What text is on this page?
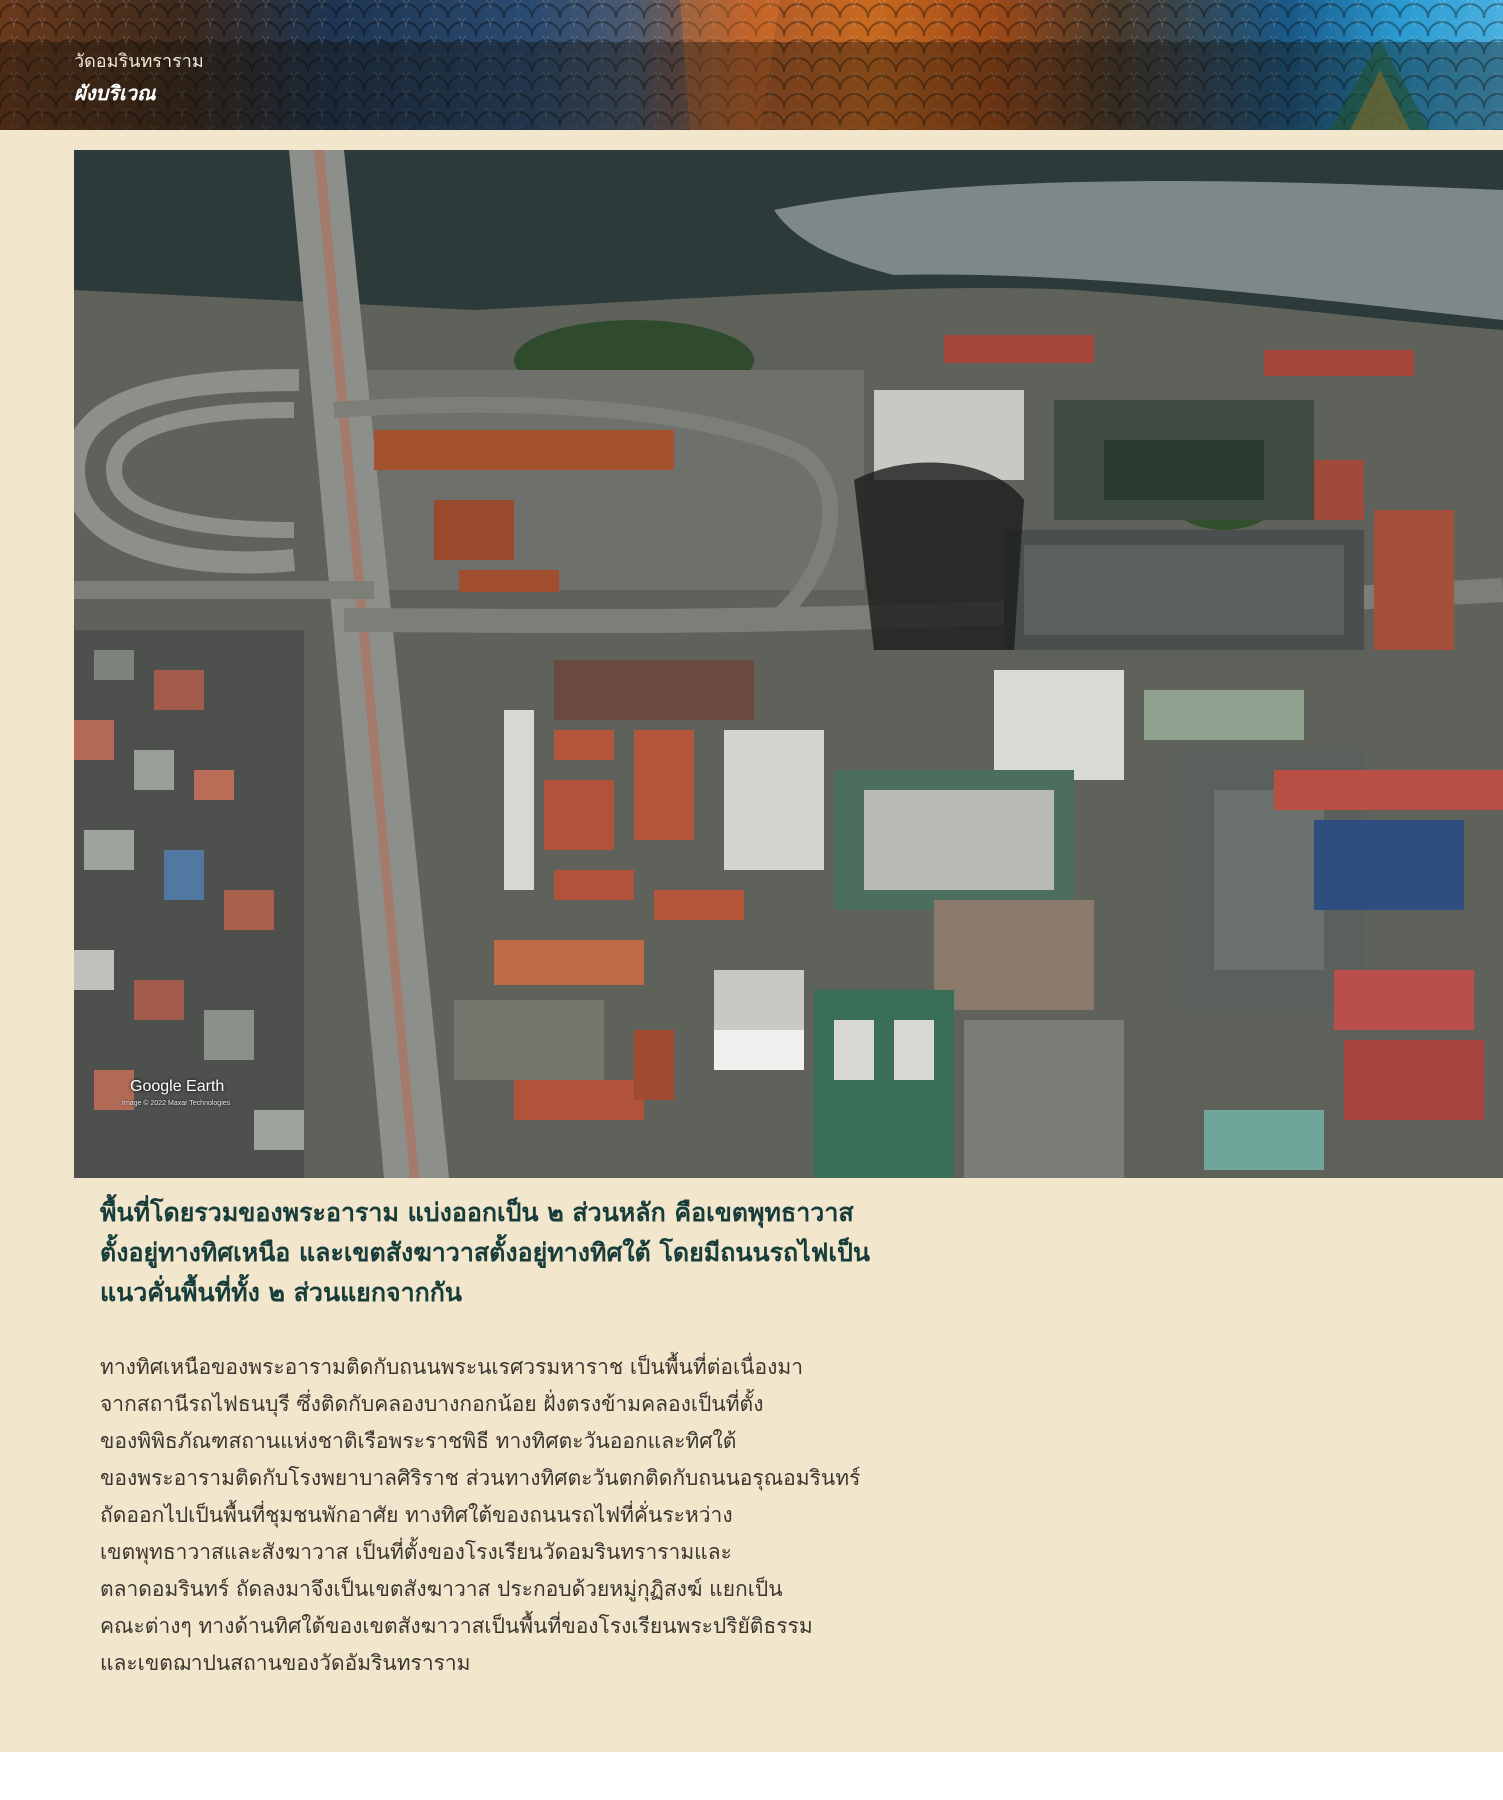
วัดอมรินทราราม
ผังบริเวณ
Google Earth
Image © 2022 Maxar Technologies
พื้นที่โดยรวมของพระอาราม แบ่งออกเป็น ๒ ส่วนหลัก คือเขตพุทธาวาส
ตั้งอยู่ทางทิศเหนือ และเขตสังฆาวาสตั้งอยู่ทางทิศใต้ โดยมีถนนรถไฟเป็น
แนวคั่นพื้นที่ทั้ง ๒ ส่วนแยกจากกัน
ทางทิศเหนือของพระอารามติดกับถนนพระนเรศวรมหาราช เป็นพื้นที่ต่อเนื่องมา
จากสถานีรถไฟธนบุรี ซึ่งติดกับคลองบางกอกน้อย ฝั่งตรงข้ามคลองเป็นที่ตั้ง
ของพิพิธภัณฑสถานแห่งชาติเรือพระราชพิธี ทางทิศตะวันออกและทิศใต้
ของพระอารามติดกับโรงพยาบาลศิริราช ส่วนทางทิศตะวันตกติดกับถนนอรุณอมรินทร์
ถัดออกไปเป็นพื้นที่ชุมชนพักอาศัย ทางทิศใต้ของถนนรถไฟที่คั่นระหว่าง
เขตพุทธาวาสและสังฆาวาส เป็นที่ตั้งของโรงเรียนวัดอมรินทรารามและ
ตลาดอมรินทร์ ถัดลงมาจึงเป็นเขตสังฆาวาส ประกอบด้วยหมู่กุฏิสงฆ์ แยกเป็น
คณะต่างๆ ทางด้านทิศใต้ของเขตสังฆาวาสเป็นพื้นที่ของโรงเรียนพระปริยัติธรรม
และเขตฌาปนสถานของวัดอัมรินทราราม
